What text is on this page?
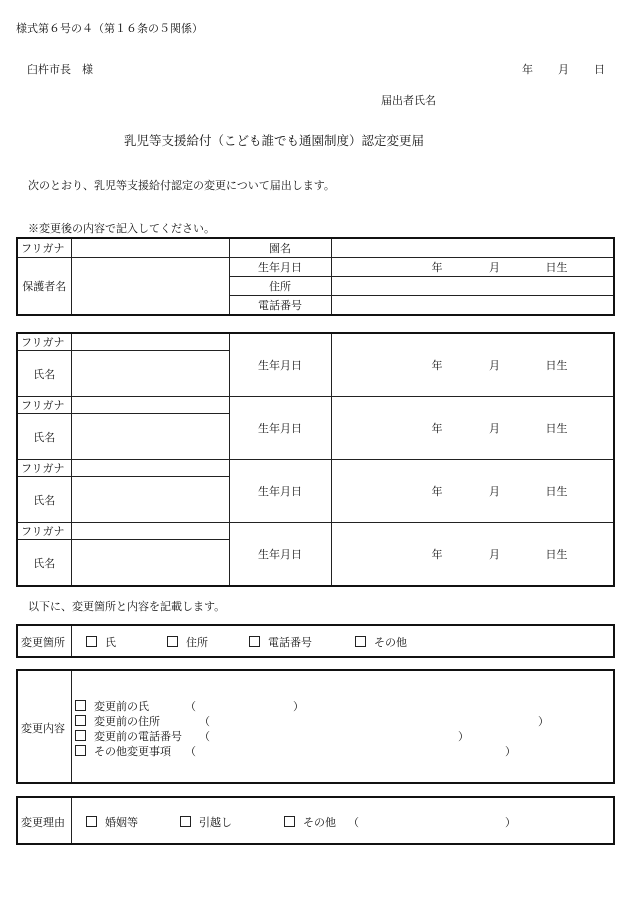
様式第６号の４（第１６条の５関係）
臼杵市長　様	年 月 日
届出者氏名
乳児等支援給付（こども誰でも通園制度）認定変更届
次のとおり、乳児等支援給付認定の変更について届出します。
※変更後の内容で記入してください。
フリガナ		園名	
保護者名		生年月日	年 月 日生
		住所	
		電話番号	
フリガナ		生年月日	年 月 日生
氏名			
フリガナ		生年月日	年 月 日生
氏名			
フリガナ		生年月日	年 月 日生
氏名			
フリガナ		生年月日	年 月 日生
氏名			
以下に、変更箇所と内容を記載します。
変更箇所	氏	住所	電話番号	その他
変更内容
変更前の氏	（	）
変更前の住所	（	）
変更前の電話番号 （	）
その他変更事項 （	）
変更理由	婚姻等	引越し	その他 （	）
